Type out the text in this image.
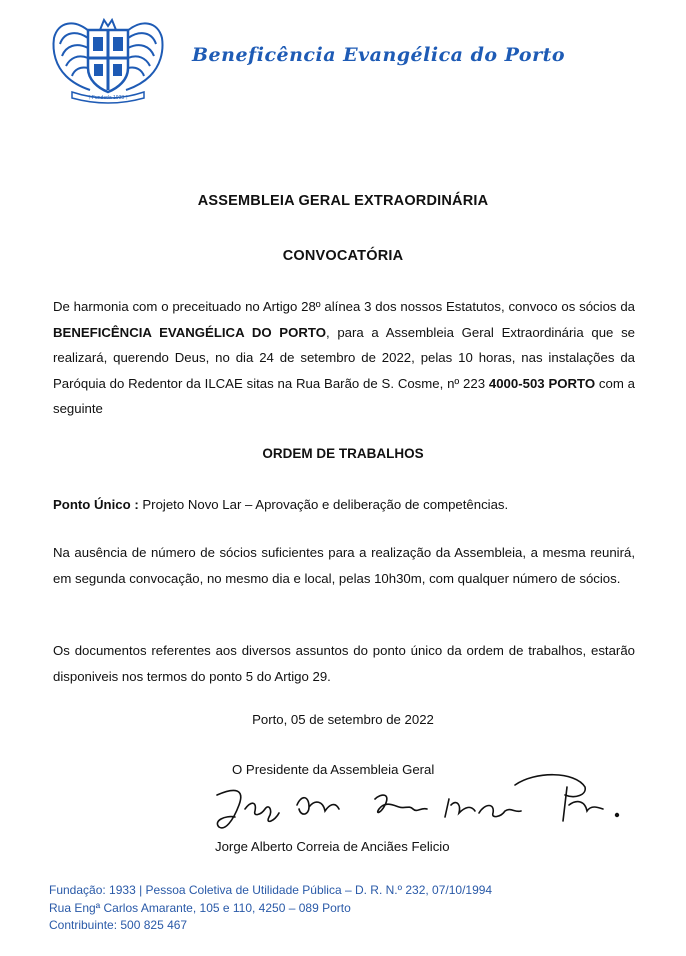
† Fundada 1933 †
Beneficência Evangélica do Porto
ASSEMBLEIA GERAL EXTRAORDINÁRIA
CONVOCATÓRIA

De harmonia com o preceituado no Artigo 28º alínea 3 dos nossos Estatutos, convoco os sócios da BENEFICÊNCIA EVANGÉLICA DO PORTO, para a Assembleia Geral Extraordinária que se realizará, querendo Deus, no dia 24 de setembro de 2022, pelas 10 horas, nas instalações da Paróquia do Redentor da ILCAE sitas na Rua Barão de S. Cosme, nº 223 4000-503 PORTO com a seguinte

ORDEM DE TRABALHOS

Ponto Único : Projeto Novo Lar – Aprovação e deliberação de competências.

Na ausência de número de sócios suficientes para a realização da Assembleia, a mesma reunirá, em segunda convocação, no mesmo dia e local, pelas 10h30m, com qualquer número de sócios.

Os documentos referentes aos diversos assuntos do ponto único da ordem de trabalhos, estarão disponiveis nos termos do ponto 5 do Artigo 29.

Porto, 05 de setembro de 2022
O Presidente da Assembleia Geral
Jorge Alberto Correia de Anciães Felicio
Fundação: 1933 | Pessoa Coletiva de Utilidade Pública – D. R. N.º 232, 07/10/1994
Rua Engª Carlos Amarante, 105 e 110, 4250 – 089 Porto
Contribuinte: 500 825 467
